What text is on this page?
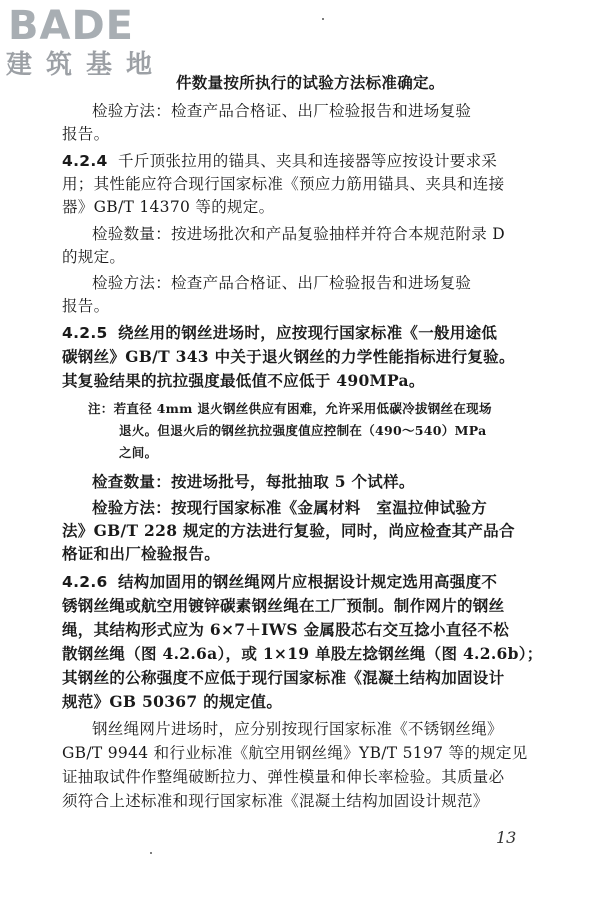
BADE
建筑基地
件数量按所执行的试验方法标准确定。
检验方法：检查产品合格证、出厂检验报告和进场复验
报告。
4.2.4 千斤顶张拉用的锚具、夹具和连接器等应按设计要求采
用；其性能应符合现行国家标准《预应力筋用锚具、夹具和连接
器》GB/T 14370 等的规定。
检验数量：按进场批次和产品复验抽样并符合本规范附录 D
的规定。
检验方法：检查产品合格证、出厂检验报告和进场复验
报告。
4.2.5 绕丝用的钢丝进场时，应按现行国家标准《一般用途低
碳钢丝》GB/T 343 中关于退火钢丝的力学性能指标进行复验。
其复验结果的抗拉强度最低值不应低于 490MPa。
注：若直径 4mm 退火钢丝供应有困难，允许采用低碳冷拔钢丝在现场
退火。但退火后的钢丝抗拉强度值应控制在（490～540）MPa
之间。
检查数量：按进场批号，每批抽取 5 个试样。
检验方法：按现行国家标准《金属材料　室温拉伸试验方
法》GB/T 228 规定的方法进行复验，同时，尚应检查其产品合
格证和出厂检验报告。
4.2.6 结构加固用的钢丝绳网片应根据设计规定选用高强度不
锈钢丝绳或航空用镀锌碳素钢丝绳在工厂预制。制作网片的钢丝
绳，其结构形式应为 6×7＋IWS 金属股芯右交互捻小直径不松
散钢丝绳（图 4.2.6a），或 1×19 单股左捻钢丝绳（图 4.2.6b）；
其钢丝的公称强度不应低于现行国家标准《混凝土结构加固设计
规范》GB 50367 的规定值。
钢丝绳网片进场时，应分别按现行国家标准《不锈钢丝绳》
GB/T 9944 和行业标准《航空用钢丝绳》YB/T 5197 等的规定见
证抽取试件作整绳破断拉力、弹性模量和伸长率检验。其质量必
须符合上述标准和现行国家标准《混凝土结构加固设计规范》
13
